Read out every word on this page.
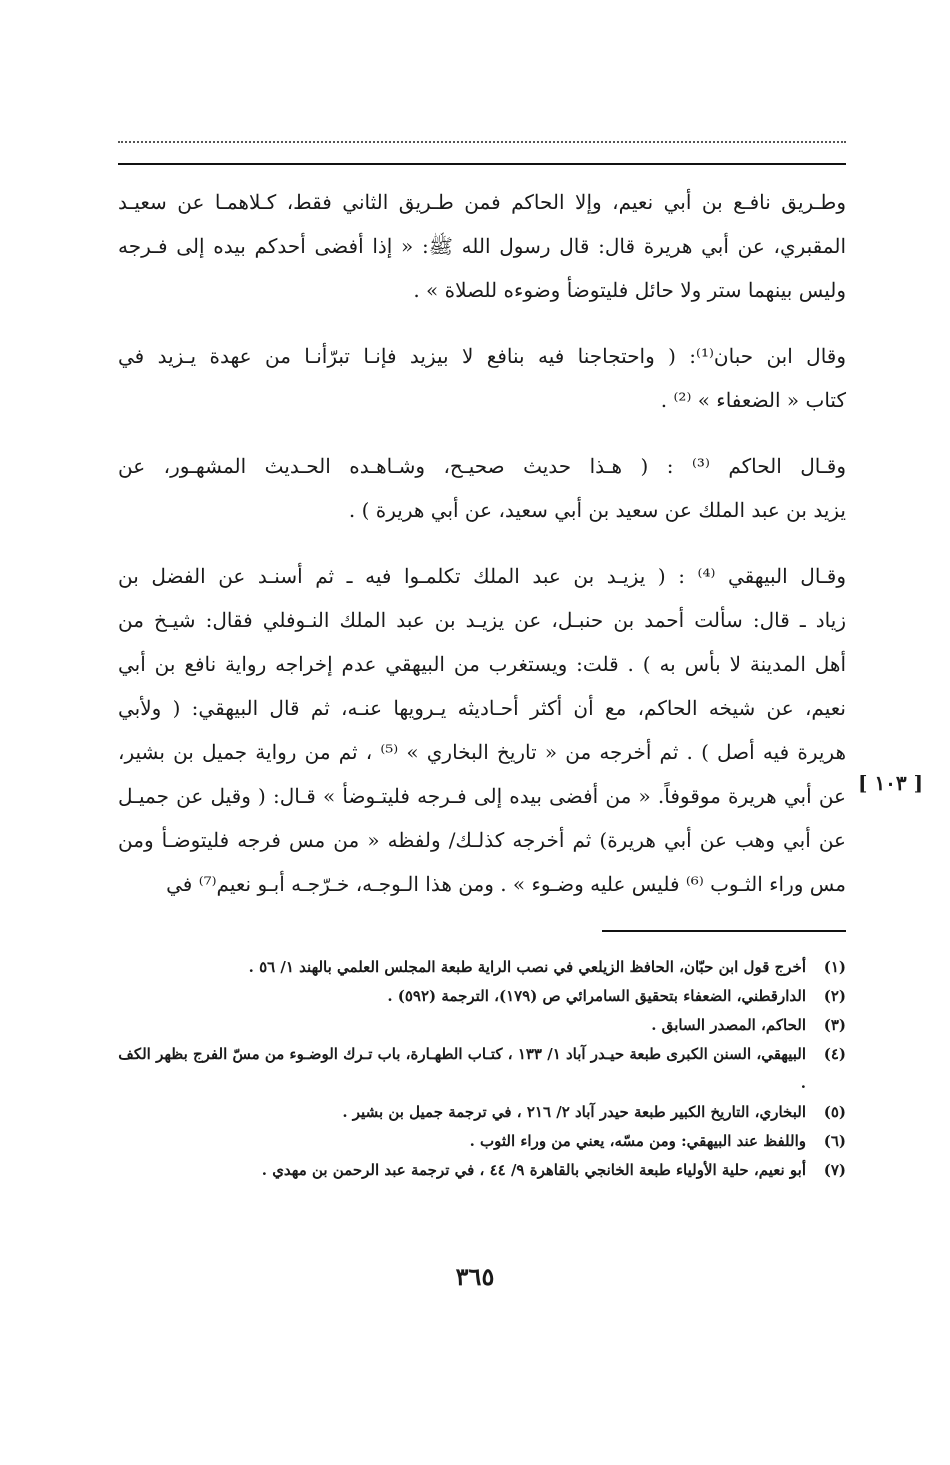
وطـريق نافـع بن أبي نعيم، وإلا الحاكم فمن طـريق الثاني فقط، كـلاهمـا عن سعيـد
المقبري، عن أبي هريرة قال: قال رسول الله ﷺ: « إذا أفضى أحدكم بيده إلى فـرجه
وليس بينهما ستر ولا حائل فليتوضأ وضوءه للصلاة » .

وقال ابن حبان⁽¹⁾: ( واحتجاجنا فيه بنافع لا بيزيد فإنـا تبرّأنـا من عهدة يـزيد في
كتاب « الضعفاء » ⁽²⁾ .

وقـال الحاكم ⁽³⁾ : ( هـذا حديث صحيـح، وشـاهـده الحـديث المشهـور، عن
يزيد بن عبد الملك عن سعيد بن أبي سعيد، عن أبي هريرة ) .

وقـال البيهقي ⁽⁴⁾ : ( يزيـد بن عبد الملك تكلمـوا فيه ـ ثم أسنـد عن الفضل بن
زياد ـ قال: سألت أحمد بن حنبـل، عن يزيـد بن عبد الملك النـوفلي فقال: شيـخ من
أهل المدينة لا بأس به ) . قلت: ويستغرب من البيهقي عدم إخراجه رواية نافع بن أبي
نعيم، عن شيخه الحاكم، مع أن أكثر أحـاديثه يـرويها عنـه، ثم قال البيهقي: ( ولأبي
هريرة فيه أصل ) . ثم أخرجه من « تاريخ البخاري » ⁽⁵⁾ ، ثم من رواية جميل بن بشير،
عن أبي هريرة موقوفاً. « من أفضى بيده إلى فـرجه فليتـوضأ » قـال: ( وقيل عن جميـل
عن أبي وهب عن أبي هريرة) ثم أخرجه كذلـك/ ولفظه « من مس فرجه فليتوضـأ ومن
مس وراء الثـوب ⁽⁶⁾ فليس عليه وضـوء » . ومن هذا الـوجـه، خـرّجـه أبـو نعيم⁽⁷⁾ في

[ ١٠٣ ]
(١)
أخرج قول ابن حبّان، الحافظ الزيلعي في نصب الراية طبعة المجلس العلمي بالهند ١/ ٥٦ .
(٢)
الدارقطني، الضعفاء بتحقيق السامرائي ص (١٧٩)، الترجمة (٥٩٢) .
(٣)
الحاكم، المصدر السابق .
(٤)
البيهقي، السنن الكبرى طبعة حيـدر آباد ١/ ١٣٣ ، كتـاب الطهـارة، باب تـرك الوضـوء من مسّ الفرج بظهر الكف .
(٥)
البخاري، التاريخ الكبير طبعة حيدر آباد ٢/ ٢١٦ ، في ترجمة جميل بن بشير .
(٦)
واللفظ عند البيهقي: ومن مسّه، يعني من وراء الثوب .
(٧)
أبو نعيم، حلية الأولياء طبعة الخانجي بالقاهرة ٩/ ٤٤ ، في ترجمة عبد الرحمن بن مهدي .
٣٦٥
